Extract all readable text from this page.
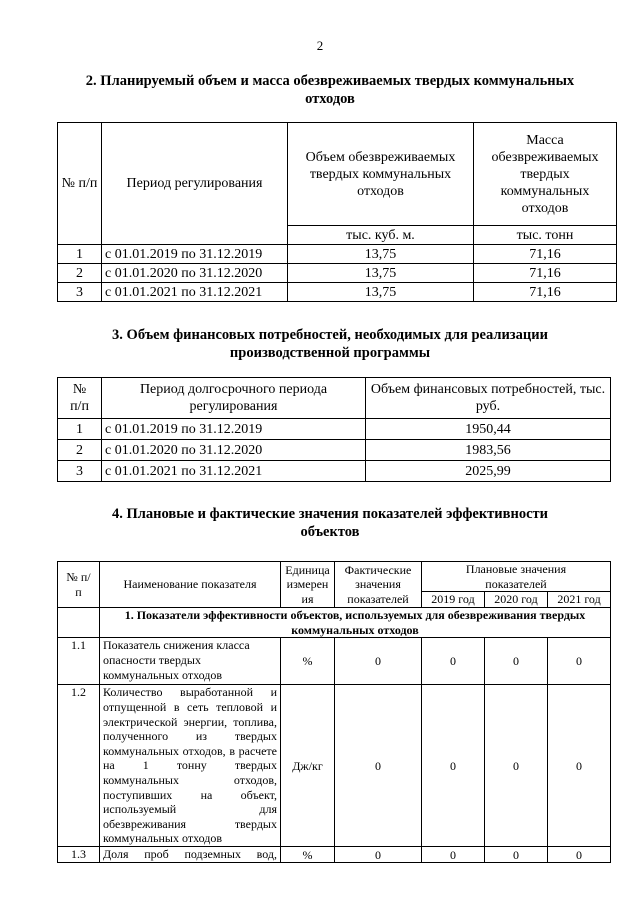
2
2. Планируемый объем и масса обезвреживаемых твердых коммунальных
отходов
№ п/п	Период регулирования	Объем обезвреживаемых твердых коммунальных отходов	Масса обезвреживаемых твердых коммунальных отходов
		тыс. куб. м.	тыс. тонн
1	с 01.01.2019 по 31.12.2019	13,75	71,16
2	с 01.01.2020 по 31.12.2020	13,75	71,16
3	с 01.01.2021 по 31.12.2021	13,75	71,16
3. Объем финансовых потребностей, необходимых для реализации
производственной программы
№ п/п	Период долгосрочного периода регулирования	Объем финансовых потребностей, тыс. руб.
1	с 01.01.2019 по 31.12.2019	1950,44
2	с 01.01.2020 по 31.12.2020	1983,56
3	с 01.01.2021 по 31.12.2021	2025,99
4. Плановые и фактические значения показателей эффективности
объектов
№ п/п	Наименование показателя	Единица измерения	Фактические значения показателей	Плановые значения показателей		
				2019 год	2020 год	2021 год
	1. Показатели эффективности объектов, используемых для обезвреживания твердых коммунальных отходов					
1.1	Показатель снижения класса опасности твердых коммунальных отходов	%	0	0	0	0
1.2	Количество выработанной и отпущенной в сеть тепловой и электрической энергии, топлива, полученного из твердых коммунальных отходов, в расчете на 1 тонну твердых коммунальных отходов, поступивших на объект, используемый для обезвреживания твердых коммунальных отходов	Дж/кг	0	0	0	0
1.3	Доля проб подземных вод,	%	0	0	0	0
